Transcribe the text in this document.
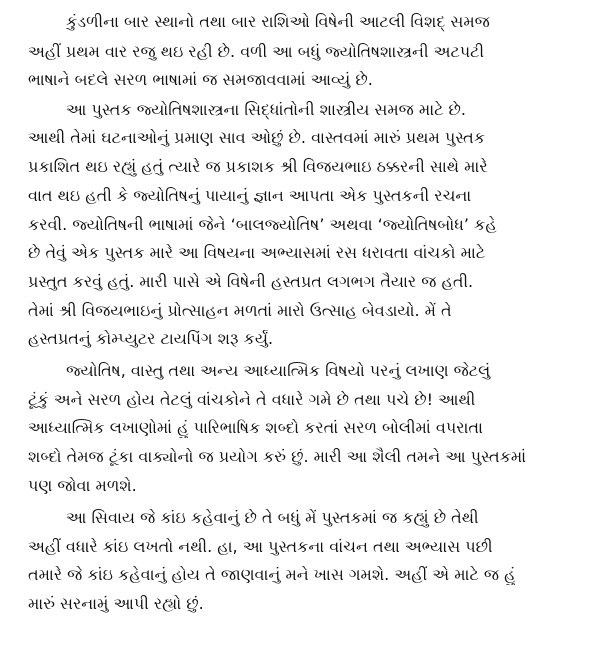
કુંડળીના બાર સ્થાનો તથા બાર રાશિઓ વિષેની આટલી વિશદ્ સમજ
અહીં પ્રથમ વાર રજુ થઇ રહી છે. વળી આ બધું જ્યોતિષશાસ્ત્રની અટપટી
ભાષાને બદલે સરળ ભાષામાં જ સમજાવવામાં આવ્યું છે.
આ પુસ્તક જ્યોતિષશાસ્ત્રના સિદ્ધાંતોની શાસ્ત્રીય સમજ માટે છે.
આથી તેમાં ઘટનાઓનું પ્રમાણ સાવ ઓછું છે. વાસ્તવમાં મારું પ્રથમ પુસ્તક
પ્રકાશિત થઇ રહ્યું હતું ત્યારે જ પ્રકાશક શ્રી વિજયભાઇ ઠક્કરની સાથે મારે
વાત થઇ હતી કે જ્યોતિષનું પાયાનું જ્ઞાન આપતા એક પુસ્તકની રચના
કરવી. જ્યોતિષની ભાષામાં જેને ‘બાલજ્યોતિષ’ અથવા ‘જ્યોતિષબોધ’ કહે
છે તેવું એક પુસ્તક મારે આ વિષયના અભ્યાસમાં રસ ધરાવતા વાંચકો માટે
પ્રસ્તુત કરવું હતું. મારી પાસે એ વિષેની હસ્તપ્રત લગભગ તૈયાર જ હતી.
તેમાં શ્રી વિજયભાઇનું પ્રોત્સાહન મળતાં મારો ઉત્સાહ બેવડાયો. મેં તે
હસ્તપ્રતનું કોમ્પ્યુટર ટાયપિંગ શરૂ કર્યું.
જ્યોતિષ, વાસ્તુ તથા અન્ય આધ્યાત્મિક વિષયો પરનું લખાણ જેટલું
ટૂંકું અને સરળ હોય તેટલું વાંચકોને તે વધારે ગમે છે તથા પચે છે! આથી
આધ્યાત્મિક લખાણોમાં હું પારિભાષિક શબ્દો કરતાં સરળ બોલીમાં વપરાતા
શબ્દો તેમજ ટૂંકા વાક્યોનો જ પ્રયોગ કરું છું. મારી આ શૈલી તમને આ પુસ્તકમાં
પણ જોવા મળશે.
આ સિવાય જે કાંઇ કહેવાનું છે તે બધું મેં પુસ્તકમાં જ કહ્યું છે તેથી
અહીં વધારે કાંઇ લખતો નથી. હા, આ પુસ્તકના વાંચન તથા અભ્યાસ પછી
તમારે જે કાંઇ કહેવાનું હોય તે જાણવાનું મને ખાસ ગમશે. અહીં એ માટે જ હું
મારું સરનામું આપી રહ્યો છું.
